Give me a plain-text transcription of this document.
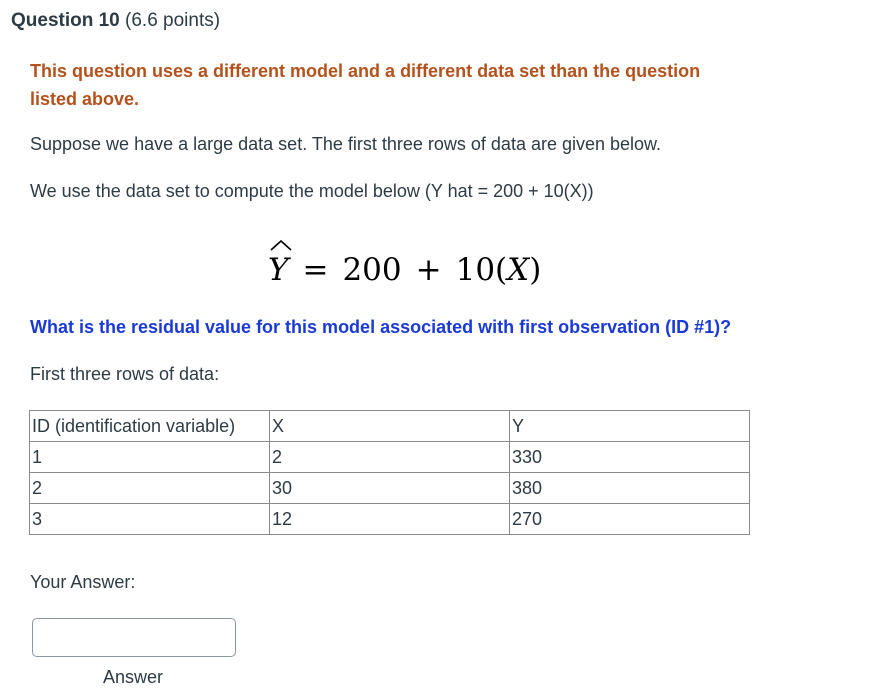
Question 10 (6.6 points)
This question uses a different model and a different data set than the question listed above.
Suppose we have a large data set. The first three rows of data are given below.
We use the data set to compute the model below (Y hat = 200 + 10(X))
Y = 200 + 10( X )
What is the residual value for this model associated with first observation (ID #1)?
First three rows of data:
ID (identification variable)	X	Y
1	2	330
2	30	380
3	12	270
Your Answer:
Answer
